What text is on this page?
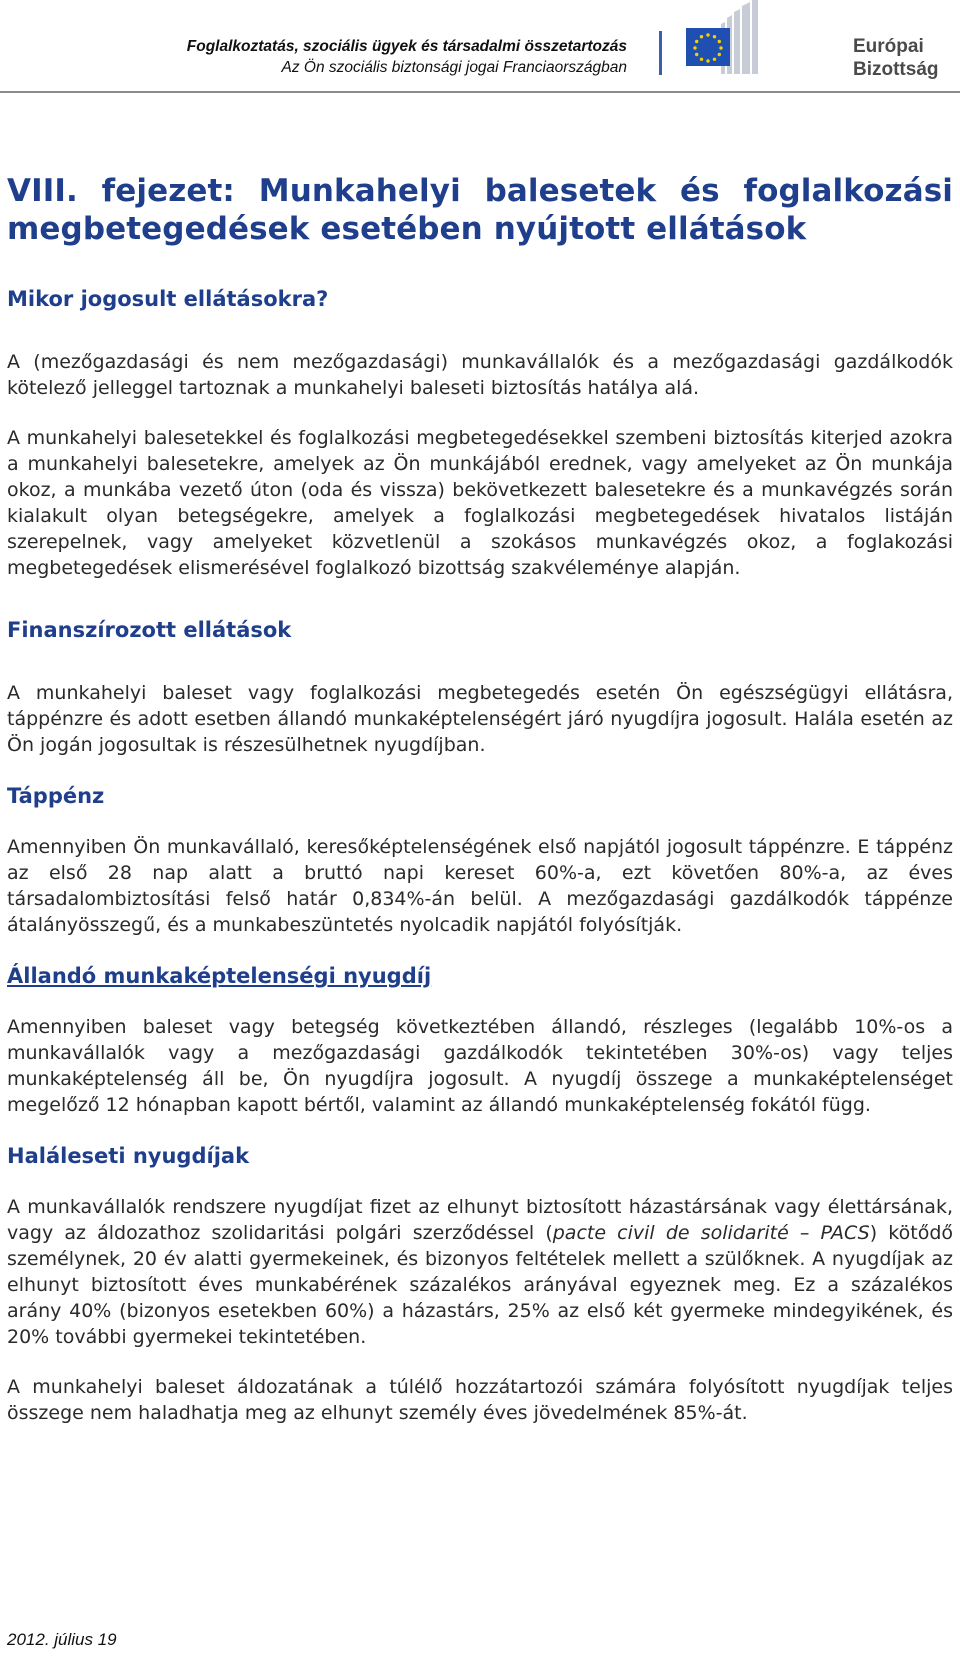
Foglalkoztatás, szociális ügyek és társadalmi összetartozás
Az Ön szociális biztonsági jogai Franciaországban
Európai
Bizottság
VIII. fejezet: Munkahelyi balesetek és foglalkozási megbetegedések esetében nyújtott ellátások
Mikor jogosult ellátásokra?

A (mezőgazdasági és nem mezőgazdasági) munkavállalók és a mezőgazdasági gazdálkodók kötelező jelleggel tartoznak a munkahelyi baleseti biztosítás hatálya alá.

A munkahelyi balesetekkel és foglalkozási megbetegedésekkel szembeni biztosítás kiterjed azokra a munkahelyi balesetekre, amelyek az Ön munkájából erednek, vagy amelyeket az Ön munkája okoz, a munkába vezető úton (oda és vissza) bekövetkezett balesetekre és a munkavégzés során kialakult olyan betegségekre, amelyek a foglalkozási megbetegedések hivatalos listáján szerepelnek, vagy amelyeket közvetlenül a szokásos munkavégzés okoz, a foglakozási megbetegedések elismerésével foglalkozó bizottság szakvéleménye alapján.

Finanszírozott ellátások

A munkahelyi baleset vagy foglalkozási megbetegedés esetén Ön egészségügyi ellátásra, táppénzre és adott esetben állandó munkaképtelenségért járó nyugdíjra jogosult. Halála esetén az Ön jogán jogosultak is részesülhetnek nyugdíjban.

Táppénz

Amennyiben Ön munkavállaló, keresőképtelenségének első napjától jogosult táppénzre. E táppénz az első 28 nap alatt a bruttó napi kereset 60%-a, ezt követően 80%-a, az éves társadalombiztosítási felső határ 0,834%-án belül. A mezőgazdasági gazdálkodók táppénze átalányösszegű, és a munkabeszüntetés nyolcadik napjától folyósítják.

Állandó munkaképtelenségi nyugdíj

Amennyiben baleset vagy betegség következtében állandó, részleges (legalább 10%-os a munkavállalók vagy a mezőgazdasági gazdálkodók tekintetében 30%-os) vagy teljes munkaképtelenség áll be, Ön nyugdíjra jogosult. A nyugdíj összege a munkaképtelenséget megelőző 12 hónapban kapott bértől, valamint az állandó munkaképtelenség fokától függ.

Haláleseti nyugdíjak

A munkavállalók rendszere nyugdíjat fizet az elhunyt biztosított házastársának vagy élettársának, vagy az áldozathoz szolidaritási polgári szerződéssel (pacte civil de solidarité – PACS) kötődő személynek, 20 év alatti gyermekeinek, és bizonyos feltételek mellett a szülőknek. A nyugdíjak az elhunyt biztosított éves munkabérének százalékos arányával egyeznek meg. Ez a százalékos arány 40% (bizonyos esetekben 60%) a házastárs, 25% az első két gyermeke mindegyikének, és 20% további gyermekei tekintetében.

A munkahelyi baleset áldozatának a túlélő hozzátartozói számára folyósított nyugdíjak teljes összege nem haladhatja meg az elhunyt személy éves jövedelmének 85%-át.

2012. július 19
